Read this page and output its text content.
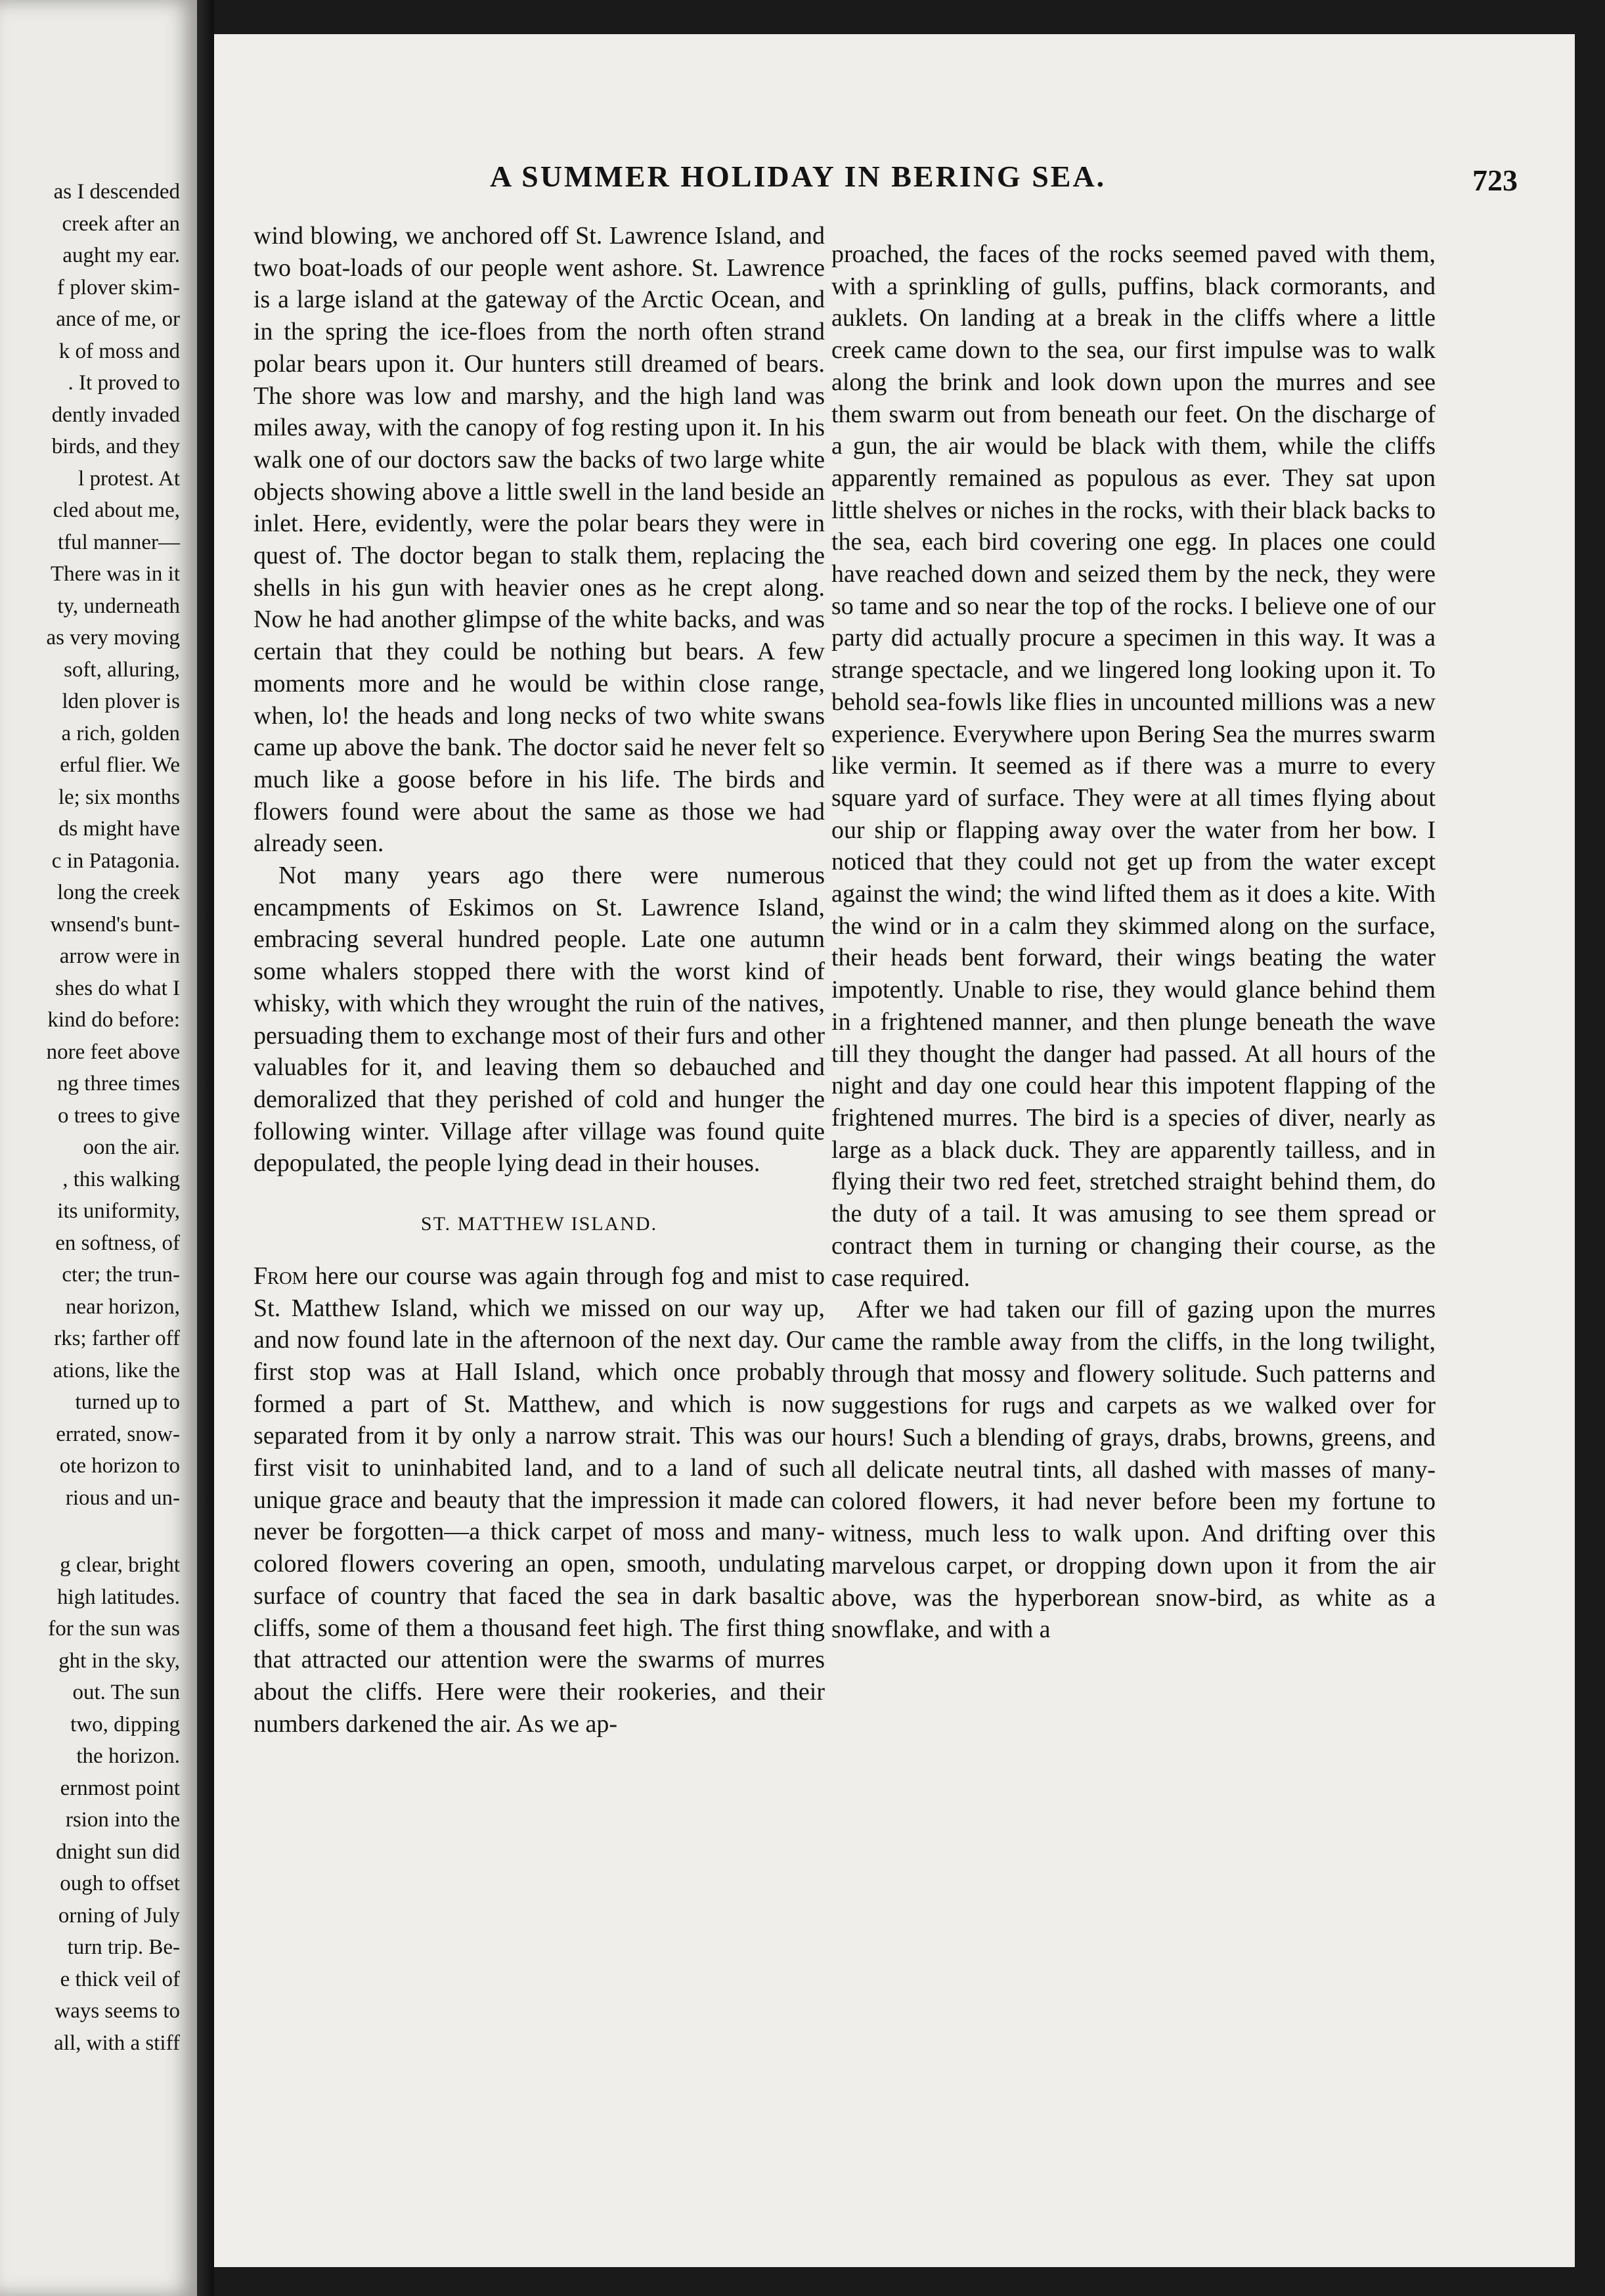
as I descended
creek after an
aught my ear.
f plover skim-
ance of me, or
k of moss and
. It proved to
dently invaded
birds, and they
l protest. At
cled about me,
tful manner—
There was in it
ty, underneath
as very moving
soft, alluring,
lden plover is
a rich, golden
erful flier. We
le; six months
ds might have
c in Patagonia.
long the creek
wnsend's bunt-
arrow were in
shes do what I
kind do before:
nore feet above
ng three times
o trees to give
oon the air.
, this walking
its uniformity,
en softness, of
cter; the trun-
near horizon,
rks; farther off
ations, like the
turned up to
errated, snow-
ote horizon to
rious and un-
g clear, bright
high latitudes.
for the sun was
ght in the sky,
out. The sun
two, dipping
the horizon.
ernmost point
rsion into the
dnight sun did
ough to offset
orning of July
turn trip. Be-
e thick veil of
ways seems to
all, with a stiff
A SUMMER HOLIDAY IN BERING SEA.	723

wind blowing, we anchored off St. Lawrence Island, and two boat-loads of our people went ashore. St. Lawrence is a large island at the gateway of the Arctic Ocean, and in the spring the ice-floes from the north often strand polar bears upon it. Our hunters still dreamed of bears. The shore was low and marshy, and the high land was miles away, with the canopy of fog resting upon it. In his walk one of our doctors saw the backs of two large white objects showing above a little swell in the land beside an inlet. Here, evidently, were the polar bears they were in quest of. The doctor began to stalk them, replacing the shells in his gun with heavier ones as he crept along. Now he had another glimpse of the white backs, and was certain that they could be nothing but bears. A few moments more and he would be within close range, when, lo! the heads and long necks of two white swans came up above the bank. The doctor said he never felt so much like a goose before in his life. The birds and flowers found were about the same as those we had already seen.

Not many years ago there were numerous encampments of Eskimos on St. Lawrence Island, embracing several hundred people. Late one autumn some whalers stopped there with the worst kind of whisky, with which they wrought the ruin of the natives, persuading them to exchange most of their furs and other valuables for it, and leaving them so debauched and demoralized that they perished of cold and hunger the following winter. Village after village was found quite depopulated, the people lying dead in their houses.

ST. MATTHEW ISLAND.

From here our course was again through fog and mist to St. Matthew Island, which we missed on our way up, and now found late in the afternoon of the next day. Our first stop was at Hall Island, which once probably formed a part of St. Matthew, and which is now separated from it by only a narrow strait. This was our first visit to uninhabited land, and to a land of such unique grace and beauty that the impression it made can never be forgotten—a thick carpet of moss and many-colored flowers covering an open, smooth, undulating surface of country that faced the sea in dark basaltic cliffs, some of them a thousand feet high. The first thing that attracted our attention were the swarms of murres about the cliffs. Here were their rookeries, and their numbers darkened the air. As we ap-

proached, the faces of the rocks seemed paved with them, with a sprinkling of gulls, puffins, black cormorants, and auklets. On landing at a break in the cliffs where a little creek came down to the sea, our first impulse was to walk along the brink and look down upon the murres and see them swarm out from beneath our feet. On the discharge of a gun, the air would be black with them, while the cliffs apparently remained as populous as ever. They sat upon little shelves or niches in the rocks, with their black backs to the sea, each bird covering one egg. In places one could have reached down and seized them by the neck, they were so tame and so near the top of the rocks. I believe one of our party did actually procure a specimen in this way. It was a strange spectacle, and we lingered long looking upon it. To behold sea-fowls like flies in uncounted millions was a new experience. Everywhere upon Bering Sea the murres swarm like vermin. It seemed as if there was a murre to every square yard of surface. They were at all times flying about our ship or flapping away over the water from her bow. I noticed that they could not get up from the water except against the wind; the wind lifted them as it does a kite. With the wind or in a calm they skimmed along on the surface, their heads bent forward, their wings beating the water impotently. Unable to rise, they would glance behind them in a frightened manner, and then plunge beneath the wave till they thought the danger had passed. At all hours of the night and day one could hear this impotent flapping of the frightened murres. The bird is a species of diver, nearly as large as a black duck. They are apparently tailless, and in flying their two red feet, stretched straight behind them, do the duty of a tail. It was amusing to see them spread or contract them in turning or changing their course, as the case required.

After we had taken our fill of gazing upon the murres came the ramble away from the cliffs, in the long twilight, through that mossy and flowery solitude. Such patterns and suggestions for rugs and carpets as we walked over for hours! Such a blending of grays, drabs, browns, greens, and all delicate neutral tints, all dashed with masses of many-colored flowers, it had never before been my fortune to witness, much less to walk upon. And drifting over this marvelous carpet, or dropping down upon it from the air above, was the hyperborean snow-bird, as white as a snowflake, and with a
